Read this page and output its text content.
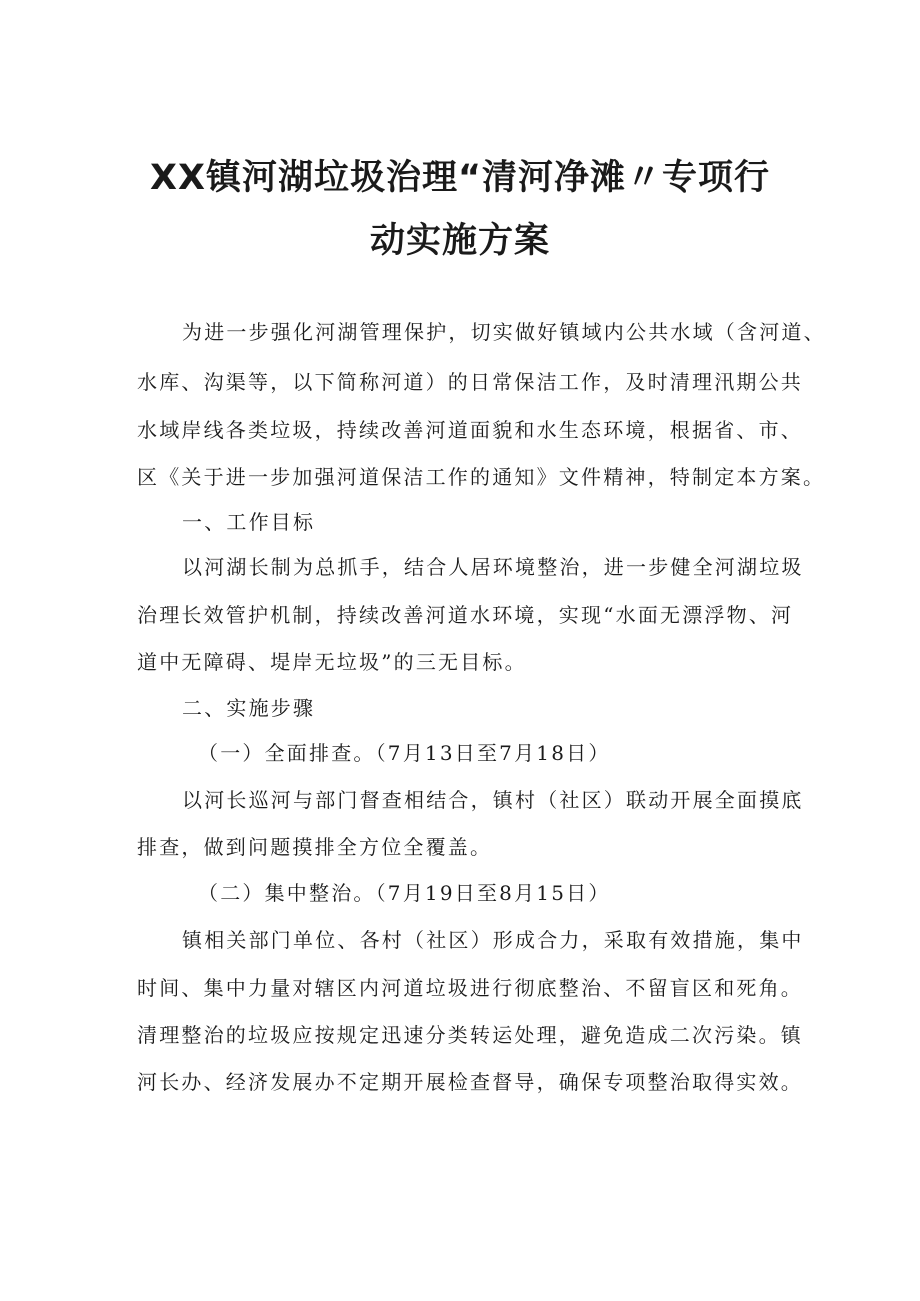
XX镇河湖垃圾治理“清河净滩〃专项行
动实施方案

为进一步强化河湖管理保护，切实做好镇域内公共水域（含河道、

水库、沟渠等，以下简称河道）的日常保洁工作，及时清理汛期公共

水域岸线各类垃圾，持续改善河道面貌和水生态环境，根据省、市、

区《关于进一步加强河道保洁工作的通知》文件精神，特制定本方案。

一、工作目标

以河湖长制为总抓手，结合人居环境整治，进一步健全河湖垃圾

治理长效管护机制，持续改善河道水环境，实现“水面无漂浮物、河

道中无障碍、堤岸无垃圾”的三无目标。

二、实施步骤

（一）全面排查。（7月13日至7月18日）

以河长巡河与部门督查相结合，镇村（社区）联动开展全面摸底

排查，做到问题摸排全方位全覆盖。

（二）集中整治。（7月19日至8月15日）

镇相关部门单位、各村（社区）形成合力，采取有效措施，集中

时间、集中力量对辖区内河道垃圾进行彻底整治、不留盲区和死角。

清理整治的垃圾应按规定迅速分类转运处理，避免造成二次污染。镇

河长办、经济发展办不定期开展检查督导，确保专项整治取得实效。
